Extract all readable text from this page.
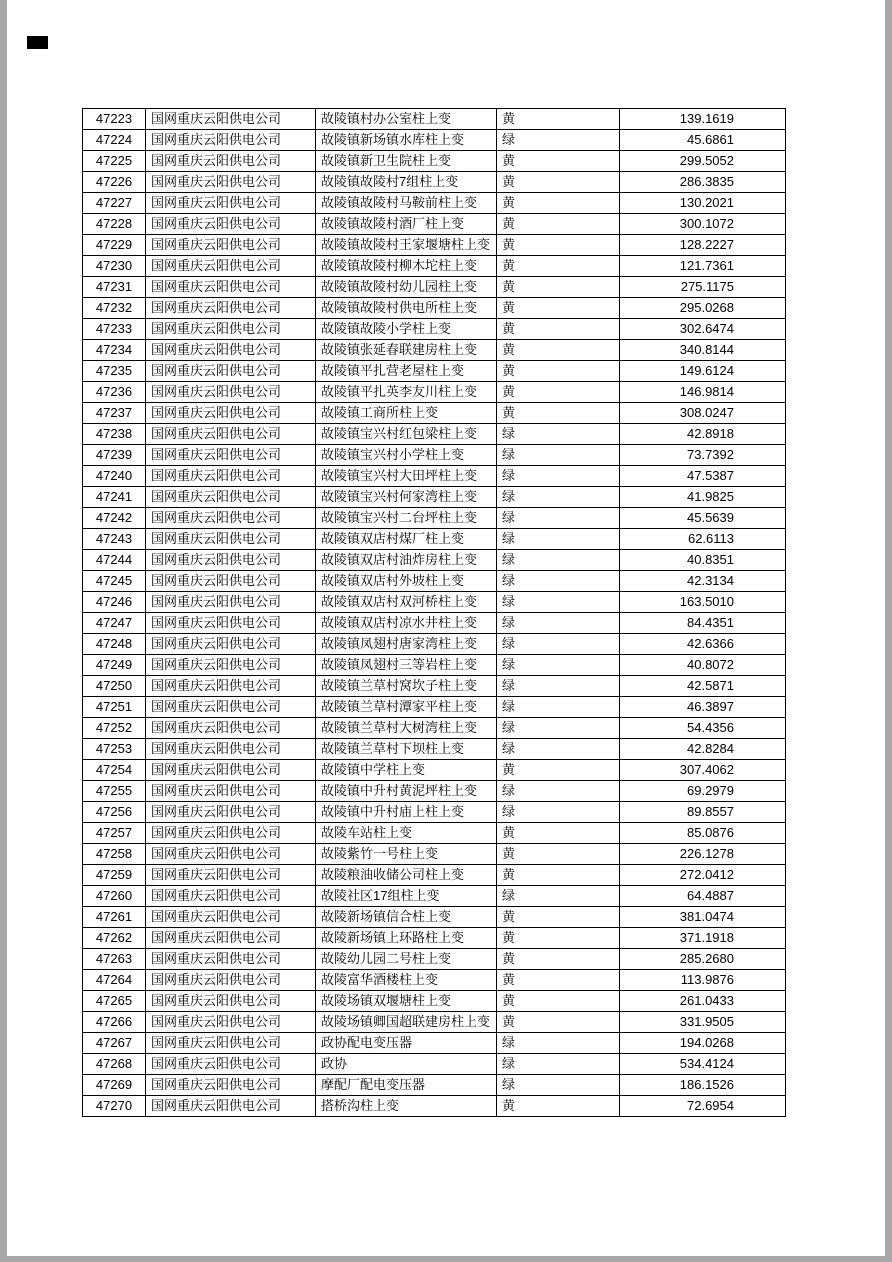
47223	国网重庆云阳供电公司	故陵镇村办公室柱上变	黄	139.1619
47224	国网重庆云阳供电公司	故陵镇新场镇水库柱上变	绿	45.6861
47225	国网重庆云阳供电公司	故陵镇新卫生院柱上变	黄	299.5052
47226	国网重庆云阳供电公司	故陵镇故陵村7组柱上变	黄	286.3835
47227	国网重庆云阳供电公司	故陵镇故陵村马鞍前柱上变	黄	130.2021
47228	国网重庆云阳供电公司	故陵镇故陵村酒厂柱上变	黄	300.1072
47229	国网重庆云阳供电公司	故陵镇故陵村王家堰塘柱上变	黄	128.2227
47230	国网重庆云阳供电公司	故陵镇故陵村柳木坨柱上变	黄	121.7361
47231	国网重庆云阳供电公司	故陵镇故陵村幼儿园柱上变	黄	275.1175
47232	国网重庆云阳供电公司	故陵镇故陵村供电所柱上变	黄	295.0268
47233	国网重庆云阳供电公司	故陵镇故陵小学柱上变	黄	302.6474
47234	国网重庆云阳供电公司	故陵镇张延春联建房柱上变	黄	340.8144
47235	国网重庆云阳供电公司	故陵镇平扎营老屋柱上变	黄	149.6124
47236	国网重庆云阳供电公司	故陵镇平扎英李友川柱上变	黄	146.9814
47237	国网重庆云阳供电公司	故陵镇工商所柱上变	黄	308.0247
47238	国网重庆云阳供电公司	故陵镇宝兴村红包梁柱上变	绿	42.8918
47239	国网重庆云阳供电公司	故陵镇宝兴村小学柱上变	绿	73.7392
47240	国网重庆云阳供电公司	故陵镇宝兴村大田坪柱上变	绿	47.5387
47241	国网重庆云阳供电公司	故陵镇宝兴村何家湾柱上变	绿	41.9825
47242	国网重庆云阳供电公司	故陵镇宝兴村二台坪柱上变	绿	45.5639
47243	国网重庆云阳供电公司	故陵镇双店村煤厂柱上变	绿	62.6113
47244	国网重庆云阳供电公司	故陵镇双店村油炸房柱上变	绿	40.8351
47245	国网重庆云阳供电公司	故陵镇双店村外坡柱上变	绿	42.3134
47246	国网重庆云阳供电公司	故陵镇双店村双河桥柱上变	绿	163.5010
47247	国网重庆云阳供电公司	故陵镇双店村凉水井柱上变	绿	84.4351
47248	国网重庆云阳供电公司	故陵镇凤翅村唐家湾柱上变	绿	42.6366
47249	国网重庆云阳供电公司	故陵镇凤翅村三等岩柱上变	绿	40.8072
47250	国网重庆云阳供电公司	故陵镇兰草村窝坎子柱上变	绿	42.5871
47251	国网重庆云阳供电公司	故陵镇兰草村潭家平柱上变	绿	46.3897
47252	国网重庆云阳供电公司	故陵镇兰草村大树湾柱上变	绿	54.4356
47253	国网重庆云阳供电公司	故陵镇兰草村下坝柱上变	绿	42.8284
47254	国网重庆云阳供电公司	故陵镇中学柱上变	黄	307.4062
47255	国网重庆云阳供电公司	故陵镇中升村黄泥坪柱上变	绿	69.2979
47256	国网重庆云阳供电公司	故陵镇中升村庙上柱上变	绿	89.8557
47257	国网重庆云阳供电公司	故陵车站柱上变	黄	85.0876
47258	国网重庆云阳供电公司	故陵紫竹一号柱上变	黄	226.1278
47259	国网重庆云阳供电公司	故陵粮油收储公司柱上变	黄	272.0412
47260	国网重庆云阳供电公司	故陵社区17组柱上变	绿	64.4887
47261	国网重庆云阳供电公司	故陵新场镇信合柱上变	黄	381.0474
47262	国网重庆云阳供电公司	故陵新场镇上环路柱上变	黄	371.1918
47263	国网重庆云阳供电公司	故陵幼儿园二号柱上变	黄	285.2680
47264	国网重庆云阳供电公司	故陵富华酒楼柱上变	黄	113.9876
47265	国网重庆云阳供电公司	故陵场镇双堰塘柱上变	黄	261.0433
47266	国网重庆云阳供电公司	故陵场镇卿国超联建房柱上变	黄	331.9505
47267	国网重庆云阳供电公司	政协配电变压器	绿	194.0268
47268	国网重庆云阳供电公司	政协	绿	534.4124
47269	国网重庆云阳供电公司	摩配厂配电变压器	绿	186.1526
47270	国网重庆云阳供电公司	搭桥沟柱上变	黄	72.6954
